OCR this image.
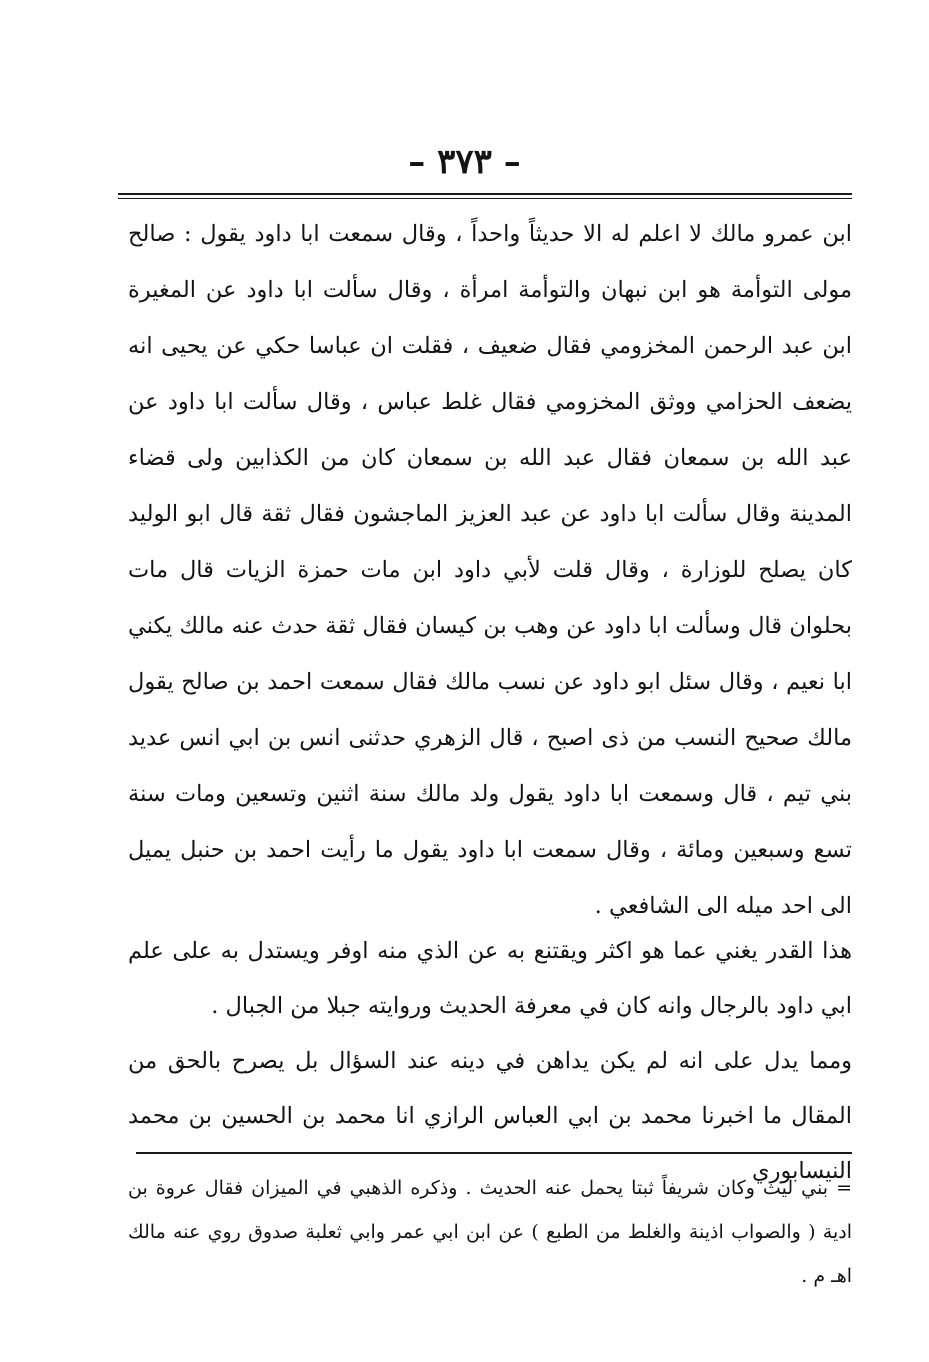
– ٣٧٣ –

ابن عمرو مالك لا اعلم له الا حديثاً واحداً ، وقال سمعت ابا داود يقول : صالح مولى التوأمة هو ابن نبهان والتوأمة امرأة ، وقال سألت ابا داود عن المغيرة ابن عبد الرحمن المخزومي فقال ضعيف ، فقلت ان عباسا حكي عن يحيى انه يضعف الحزامي ووثق المخزومي فقال غلط عباس ، وقال سألت ابا داود عن عبد الله بن سمعان فقال عبد الله بن سمعان كان من الكذابين ولى قضاء المدينة وقال سألت ابا داود عن عبد العزيز الماجشون فقال ثقة قال ابو الوليد كان يصلح للوزارة ، وقال قلت لأبي داود ابن مات حمزة الزيات قال مات بحلوان قال وسألت ابا داود عن وهب بن كيسان فقال ثقة حدث عنه مالك يكني ابا نعيم ، وقال سئل ابو داود عن نسب مالك فقال سمعت احمد بن صالح يقول مالك صحيح النسب من ذى اصبح ، قال الزهري حدثنى انس بن ابي انس عديد بني تيم ، قال وسمعت ابا داود يقول ولد مالك سنة اثنين وتسعين ومات سنة تسع وسبعين ومائة ، وقال سمعت ابا داود يقول ما رأيت احمد بن حنبل يميل الى احد ميله الى الشافعي .

هذا القدر يغني عما هو اكثر ويقتنع به عن الذي منه اوفر ويستدل به على علم ابي داود بالرجال وانه كان في معرفة الحديث وروايته جبلا من الجبال .

ومما يدل على انه لم يكن يداهن في دينه عند السؤال بل يصرح بالحق من المقال ما اخبرنا محمد بن ابي العباس الرازي انا محمد بن الحسين بن محمد النيسابوري

= بني ليث وكان شريفاً ثبتا يحمل عنه الحديث . وذكره الذهبي في الميزان فقال عروة بن ادية ( والصواب اذينة والغلط من الطبع ) عن ابن ابي عمر وابي ثعلبة صدوق روي عنه مالك اهـ م .
